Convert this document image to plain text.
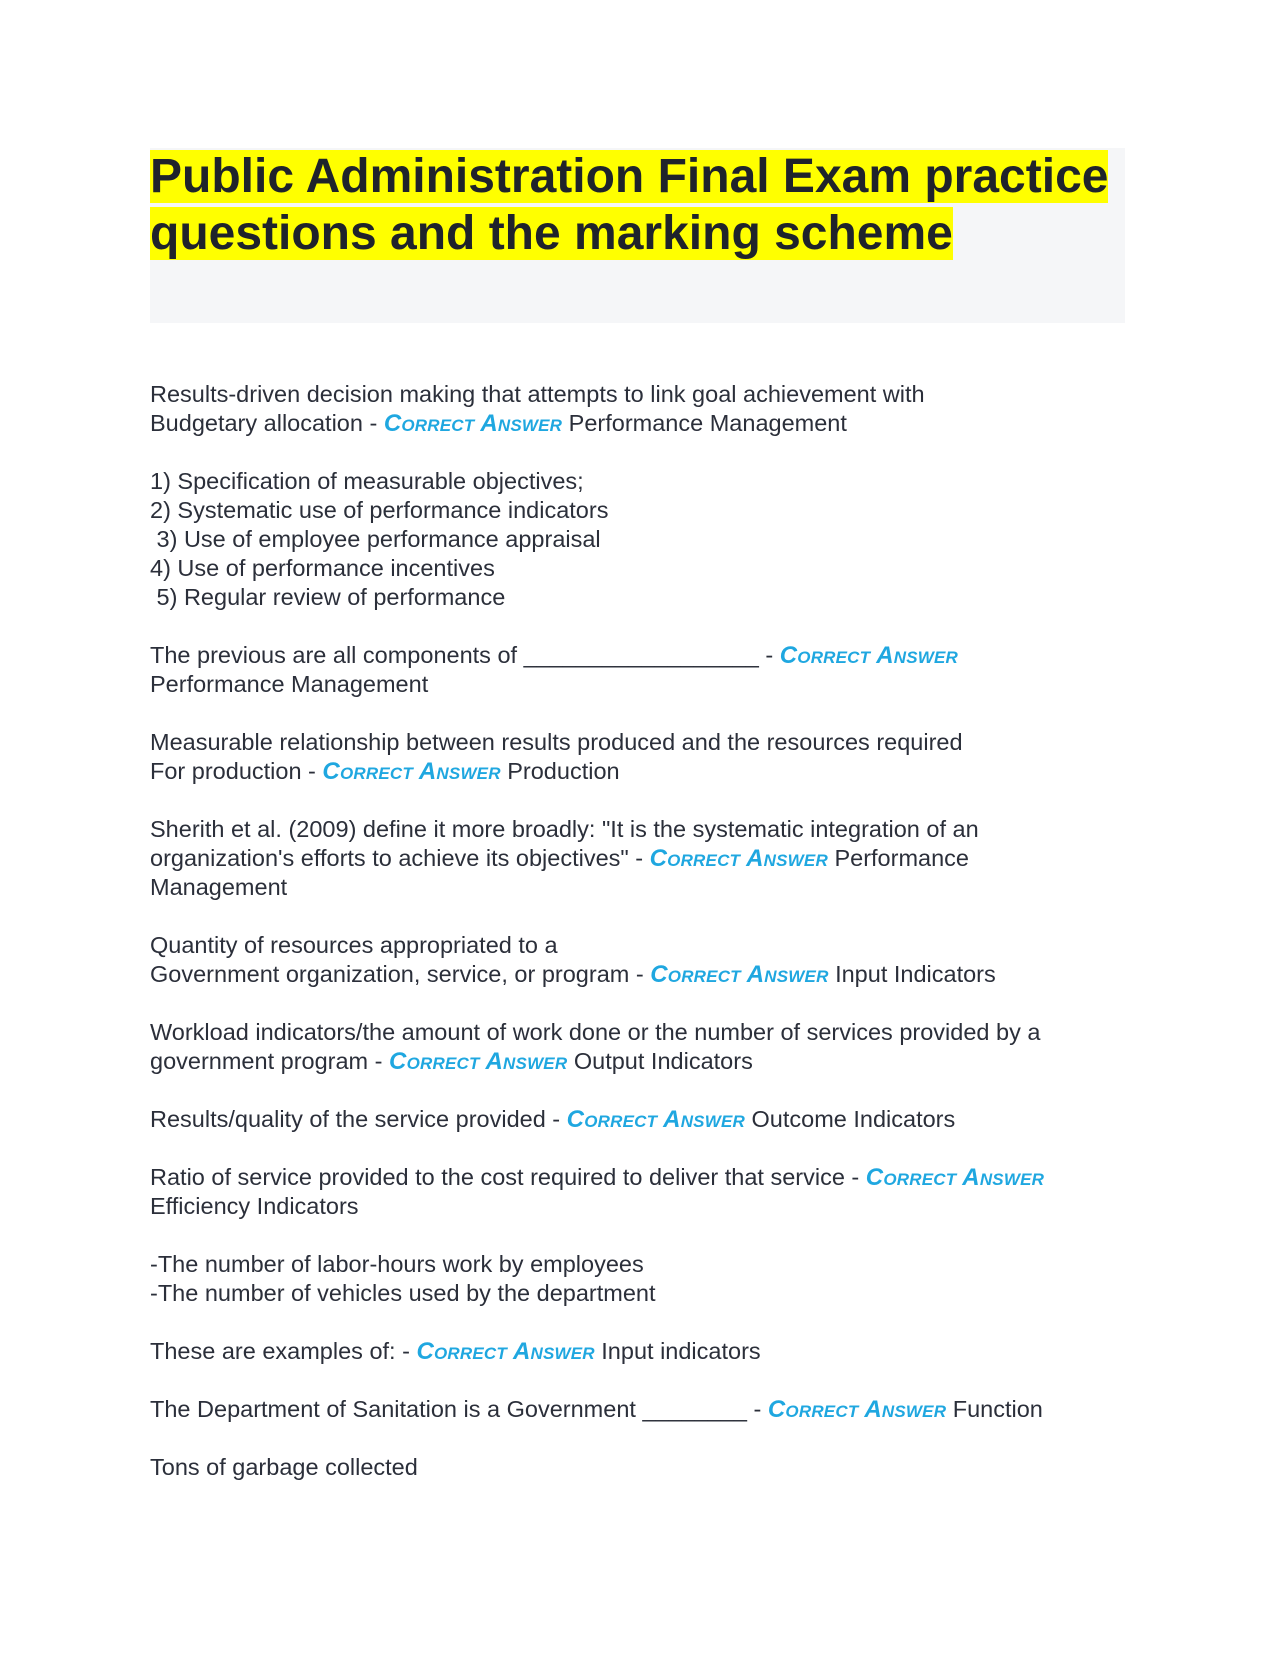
Public Administration Final Exam practice questions and the marking scheme
Results-driven decision making that attempts to link goal achievement with
Budgetary allocation - Correct Answer Performance Management
1) Specification of measurable objectives;
2) Systematic use of performance indicators
3) Use of employee performance appraisal
4) Use of performance incentives
5) Regular review of performance
The previous are all components of __________________ - Correct Answer
Performance Management
Measurable relationship between results produced and the resources required
For production - Correct Answer Production
Sherith et al. (2009) define it more broadly: "It is the systematic integration of an
organization's efforts to achieve its objectives" - Correct Answer Performance
Management
Quantity of resources appropriated to a
Government organization, service, or program - Correct Answer Input Indicators
Workload indicators/the amount of work done or the number of services provided by a
government program - Correct Answer Output Indicators
Results/quality of the service provided - Correct Answer Outcome Indicators
Ratio of service provided to the cost required to deliver that service - Correct Answer
Efficiency Indicators
-The number of labor-hours work by employees
-The number of vehicles used by the department
These are examples of: - Correct Answer Input indicators
The Department of Sanitation is a Government ________ - Correct Answer Function
Tons of garbage collected
